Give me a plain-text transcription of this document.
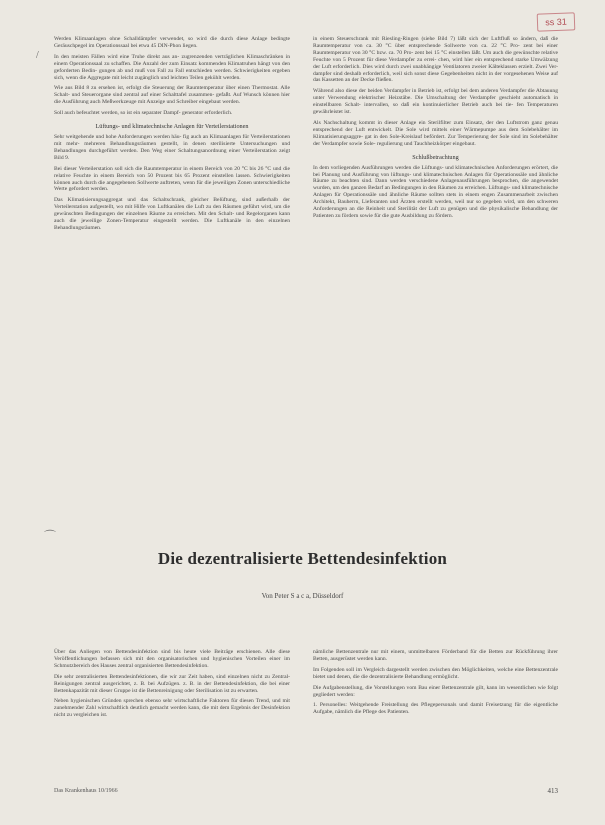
ss 31
/

Werden Klimaanlagen ohne Schalldämpfer verwendet, so wird die durch diese Anlage bedingte Geräuschpegel im Operationssaal bei etwa 45 DIN-Phon liegen.

In den meisten Fällen wird eine Truhe direkt aus an- zugrenzenden verträglichen Klimaschränken in einem Operationssaal zu schaffen. Die Anzahl der zum Einsatz kommenden Klimatruhen hängt von den geforderten Bedin- gungen ab und muß von Fall zu Fall entschieden werden. Schwierigkeiten ergeben sich, wenn die Aggregate mit leicht zugänglich und leichten Teilen gekühlt werden.

Wie aus Bild 8 zu ersehen ist, erfolgt die Steuerung der Raumtemperatur über einen Thermostat. Alle Schalt- und Steuerorgane sind zentral auf einer Schalttafel zusammen- gefaßt. Auf Wunsch können hier die Ausführung auch Meßwerkzeuge mit Anzeige und Schreiber eingebaut werden.

Soll auch befeuchtet werden, so ist ein separater Dampf- generator erforderlich.

Lüftungs- und klimatechnische Anlagen für Verteilerstationen

Sehr weitgehende und hohe Anforderungen werden häu- fig auch an Klimaanlagen für Verteilerstationen mit mehr- mehreren Behandlungsräumen gestellt, in denen sterilisierte Untersuchungen und Behandlungen durchgeführt werden. Den Weg einer Schaltungsanordnung einer Verteilerstation zeigt Bild 9.

Bei dieser Verteilerstation soll sich die Raumtemperatur in einem Bereich von 20 °C bis 26 °C und die relative Feuchte in einem Bereich von 50 Prozent bis 65 Prozent einstellen lassen. Schwierigkeiten können auch durch die angegebenen Sollwerte auftreten, wenn für die jeweiligen Zonen unterschiedliche Werte gefordert werden.

Das Klimatisierungsaggregat und das Schaltschrank, gleicher Belüftung, sind außerhalb der Verteilerstation aufgestellt, wo mit Hilfe von Luftkanälen die Luft zu den Räumen geführt wird, um die gewünschten Bedingungen der einzelnen Räume zu erreichen. Mit den Schalt- und Regelorganen kann auch die jeweilige Zonen-Temperatur eingestellt werden. Die Luftkanäle in den einzelnen Behandlungsräumen.

in einem Steuerschrank mit Riesling-Ringen (siehe Bild 7) läßt sich der Luftfluß so ändern, daß die Raumtemperatur von ca. 30 °C über entsprechende Sollwerte von ca. 22 °C Pro- zent bei einer Raumtemperatur von 30 °C bzw. ca. 70 Pro- zent bei 15 °C einstellen läßt. Um auch die gewünschte relative Feuchte von 5 Prozent für diese Verdampfer zu errei- chen, wird hier ein entsprechend starke Umwälzung der Luft erforderlich. Dies wird durch zwei unabhängige Ventilatoren zweier Kälteklassen erzielt. Zwei Ver- dampfer sind deshalb erforderlich, weil sich sonst diese Gegebenheiten nicht in der vorgesehenen Weise auf das Kassetten an der Decke fließen.

Während also diese der beiden Verdampfer in Betrieb ist, erfolgt bei dem anderen Verdampfer die Abtauung unter Verwendung elektrischer Heizstäbe. Die Umschaltung der Verdampfer geschieht automatisch in einstellbaren Schalt- intervallen, so daß ein kontinuierlicher Betrieb auch bei tie- fen Temperaturen gewährleistet ist.

Als Nachschaltung kommt in dieser Anlage ein Sterilfilter zum Einsatz, der den Luftstrom ganz genau entsprechend der Luft entwickelt. Die Sole wird mittels einer Wärmepumpe aus dem Solebehälter im Klimatisierungsaggre- gat in den Sole-Kreislauf befördert. Zur Temperierung der Sole sind im Solebehälter der Verdampfer sowie Sole- regulierung und Tauchheizkörper eingebaut.

Schlußbetrachtung

In dem vorliegenden Ausführungen werden die Lüftungs- und klimatechnischen Anforderungen erörtert, die bei Planung und Ausführung von lüftungs- und klimatechnischen Anlagen für Operationssäle und ähnliche Räume zu beachten sind. Dann werden verschiedene Anlagenausführungen besprochen, die angewendet wurden, um den ganzen Bedarf an Bedingungen in den Räumen zu erreichen. Lüftungs- und klimatechnische Anlagen für Operationssäle und ähnliche Räume sollten stets in einem engen Zusammenarbeit zwischen Architekt, Bauherrn, Lieferanten und Ärzten erstellt werden, weil nur so gegeben wird, um den schweren Anforderungen an die Reinheit und Sterilität der Luft zu genügen und die physikalische Behandlung der Patienten zu fördern sowie für die gute Ausbildung zu fördern.

⌒
Die dezentralisierte Bettendesinfektion
Von Peter S a c a, Düsseldorf

Über das Anliegen von Bettendesinfektion sind bis heute viele Beiträge erschienen. Alle diese Veröffentlichungen befassen sich mit den organisatorischen und hygienischen Vorteilen einer im Schmutzbereich des Hauses zentral organisierten Bettendesinfektion.

Die sehr zentralisierten Bettendesinfektionen, die wir zur Zeit haben, sind einzelnen nicht zu Zentral-Reinigungen zentral ausgerichtet, z. B. bei Aufzügen. z. B. in der Bettendesinfektion, die bei einer Bettenkapazität mit dieser Gruppe ist die Bettenreinigung oder Sterilisation ist zu erwarten.

Neben hygienischen Gründen sprechen ebenso sehr wirtschaftliche Faktoren für diesen Trend, und mit zunehmender Zahl wirtschaftlich deutlich gemacht werden kann, die mit dem Ergebnis der Desinfektion nicht zu vergleichen ist.

nämliche Bettenzentrale nur mit einem, unmittelbaren Förderband für die Betten zur Rückführung ihrer Betten, ausgerüstet werden kann.

Im Folgenden soll im Vergleich dargestellt werden zwischen den Möglichkeiten, welche eine Bettenzentrale bietet und denen, die die dezentralisierte Behandlung ermöglicht.

Die Aufgabenstellung, die Vorstellungen vom Bau einer Bettenzentrale gilt, kann im wesentlichen wie folgt gegliedert werden:

1. Personelles: Weitgehende Freistellung des Pflegepersonals und damit Freisetzung für die eigentliche Aufgabe, nämlich die Pflege des Patienten.

Das Krankenhaus 10/1966	413
